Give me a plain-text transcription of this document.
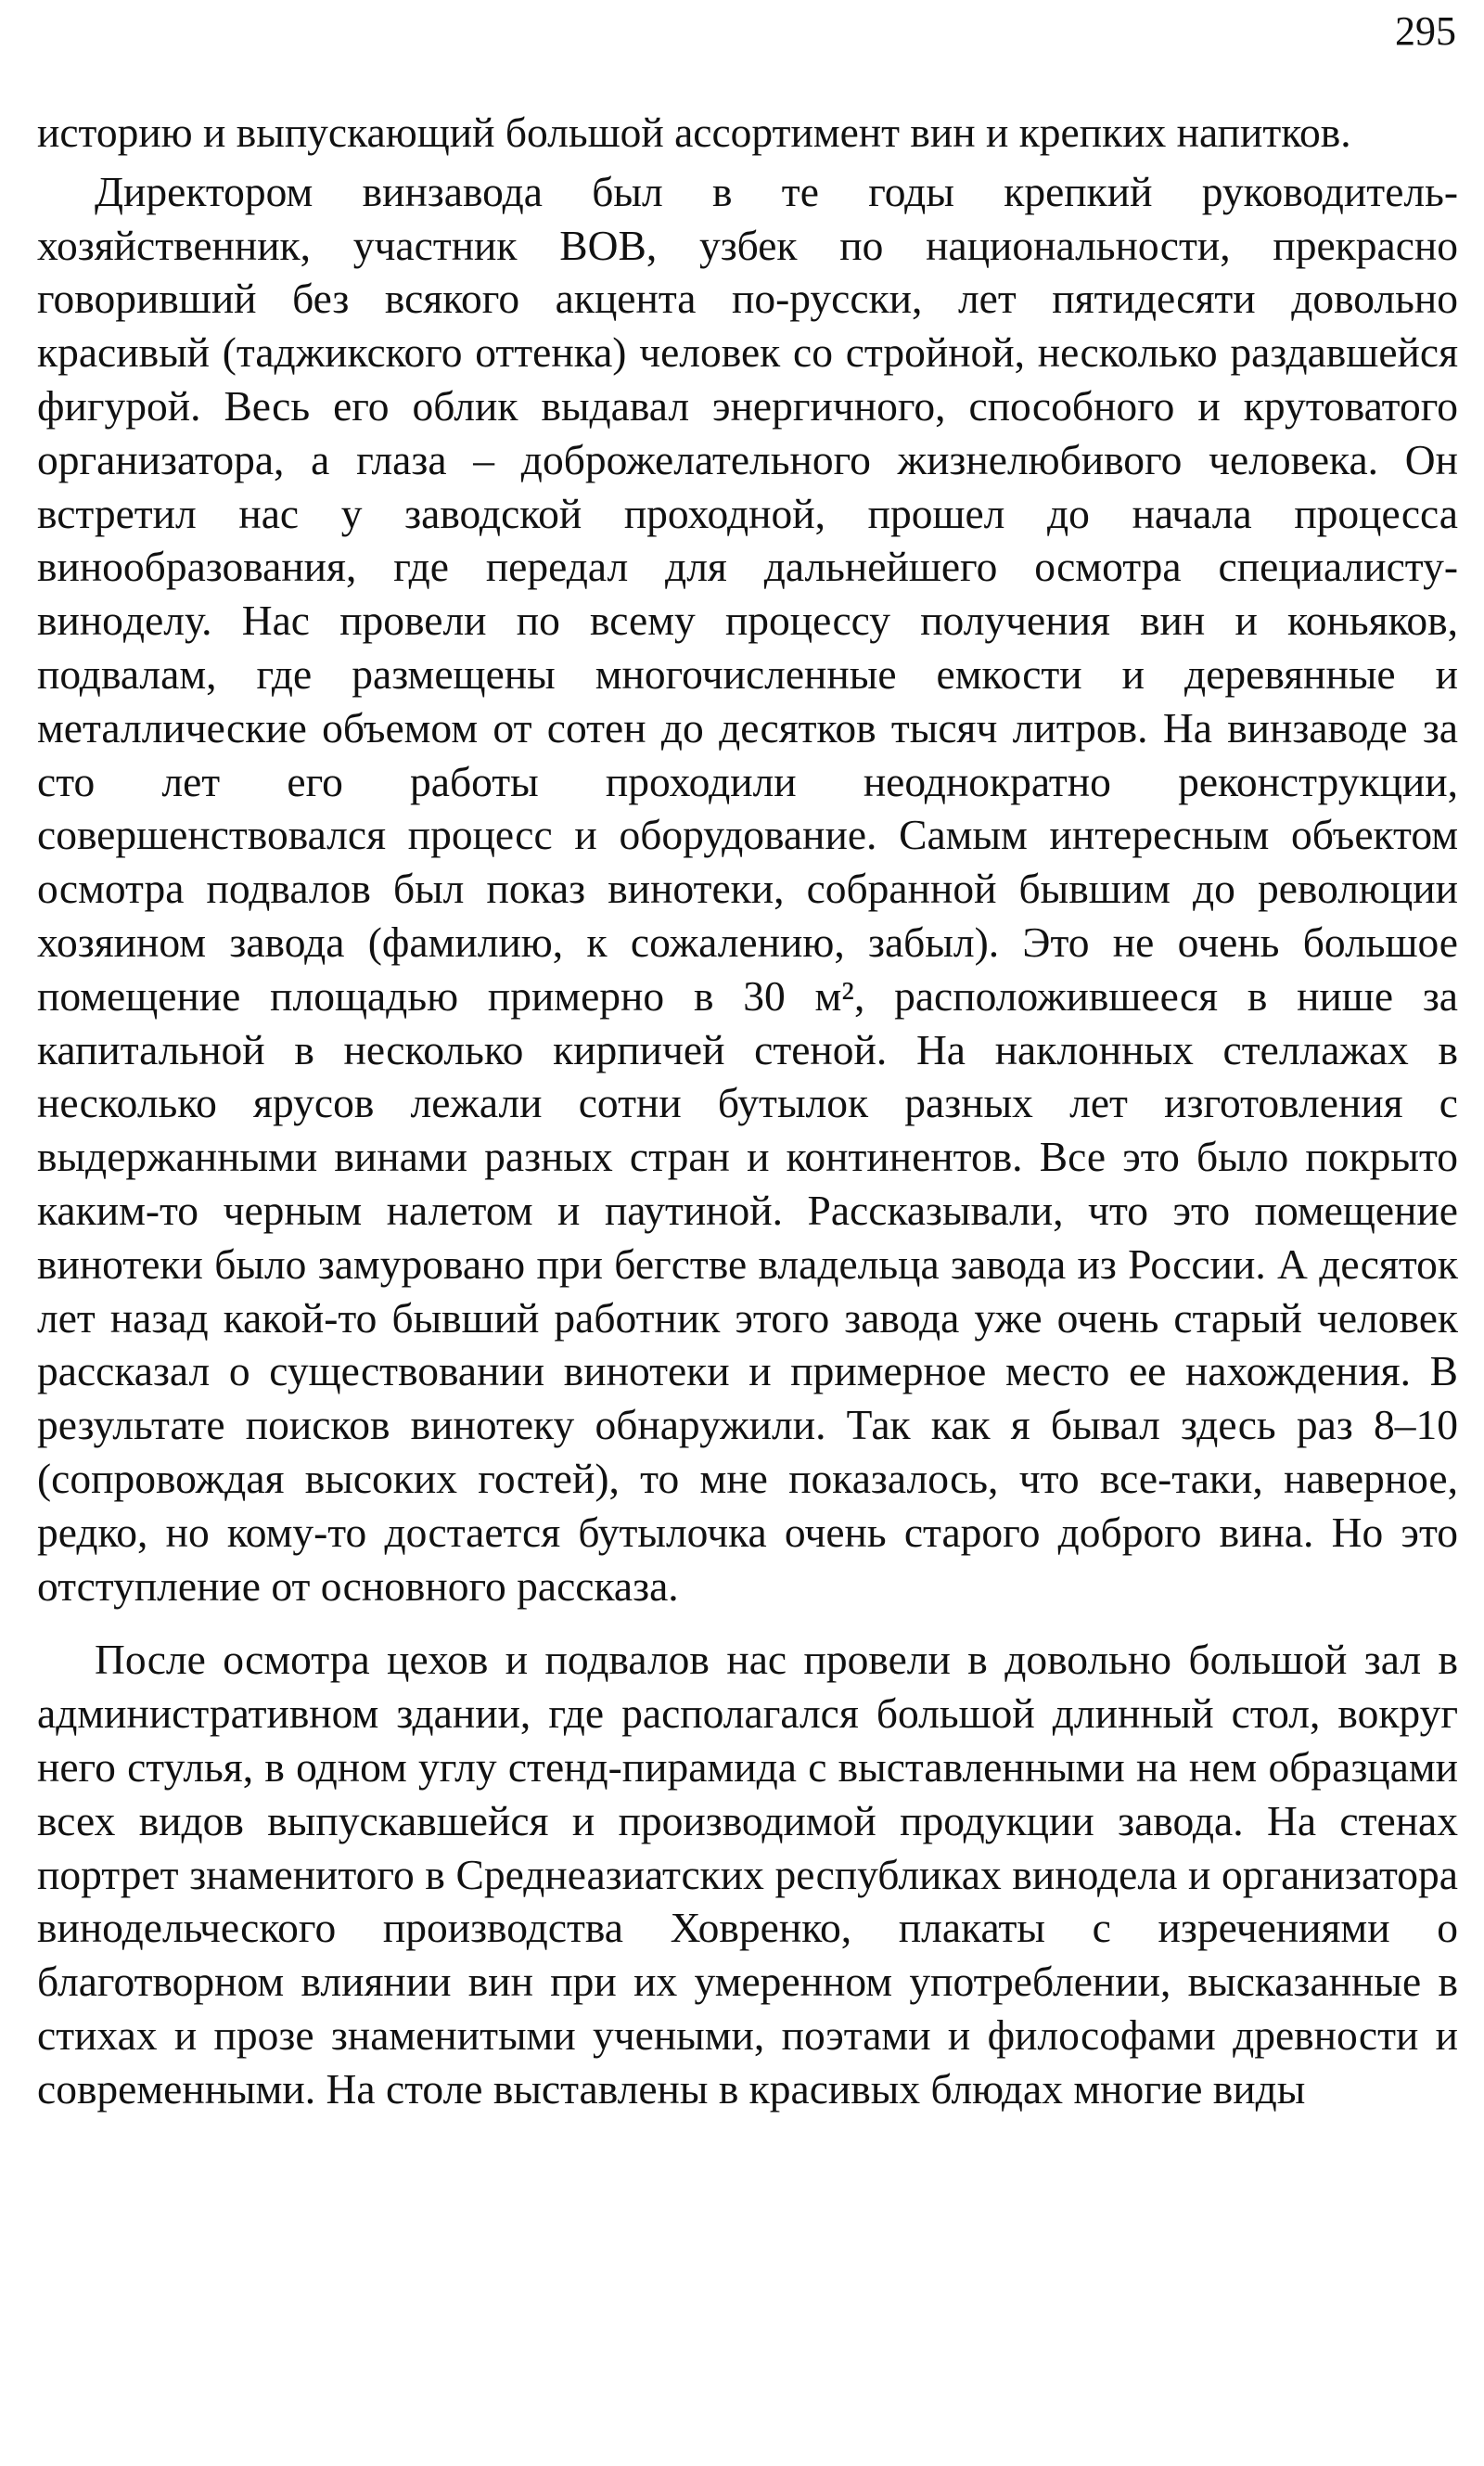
295

историю и выпускающий большой ассортимент вин и крепких напитков.

Директором винзавода был в те годы крепкий руководитель-хозяйственник, участник ВОВ, узбек по национальности, прекрасно говоривший без всякого акцента по-русски, лет пятидесяти довольно красивый (таджикского оттенка) человек со стройной, несколько раздавшейся фигурой. Весь его облик выдавал энергичного, способного и крутоватого организатора, а глаза – доброжелательного жизнелюбивого человека. Он встретил нас у заводской проходной, прошел до начала процесса винообразования, где передал для дальнейшего осмотра специалисту-винoделу. Нас провели по всему процессу получения вин и коньяков, подвалам, где размещены многочисленные емкости и деревянные и металлические объемом от сотен до десятков тысяч литров. На винзаводе за сто лет его работы проходили неоднократно реконструкции, совершенствовался процесс и оборудование. Самым интересным объектом осмотра подвалов был показ винотеки, собранной бывшим до революции хозяином завода (фамилию, к сожалению, забыл). Это не очень большое помещение площадью примерно в 30 м², расположившееся в нише за капитальной в несколько кирпичей стеной. На наклонных стеллажах в несколько ярусов лежали сотни бутылок разных лет изготовления с выдержанными винами разных стран и континентов. Все это было покрыто каким-то черным налетом и паутиной. Рассказывали, что это помещение винотеки было замуровано при бегстве владельца завода из России. А десяток лет назад какой-то бывший работник этого завода уже очень старый человек рассказал о существовании винотеки и примерное место ее нахождения. В результате поисков винотеку обнаружили. Так как я бывал здесь раз 8–10 (сопровождая высоких гостей), то мне показалось, что все-таки, наверное, редко, но кому-то достается бутылочка очень старого доброго вина. Но это отступление от основного рассказа.

После осмотра цехов и подвалов нас провели в довольно большой зал в административном здании, где располагался большой длинный стол, вокруг него стулья, в одном углу стенд-пирамида с выставленными на нем образцами всех видов выпускавшейся и производимой продукции завода. На стенах портрет знаменитого в Среднеазиатских республиках винодела и организатора винодельческого производства Ховренко, плакаты с изречениями о благотворном влиянии вин при их умеренном употреблении, высказанные в стихах и прозе знаменитыми учеными, поэтами и философами древности и современными. На столе выставлены в красивых блюдах многие виды
